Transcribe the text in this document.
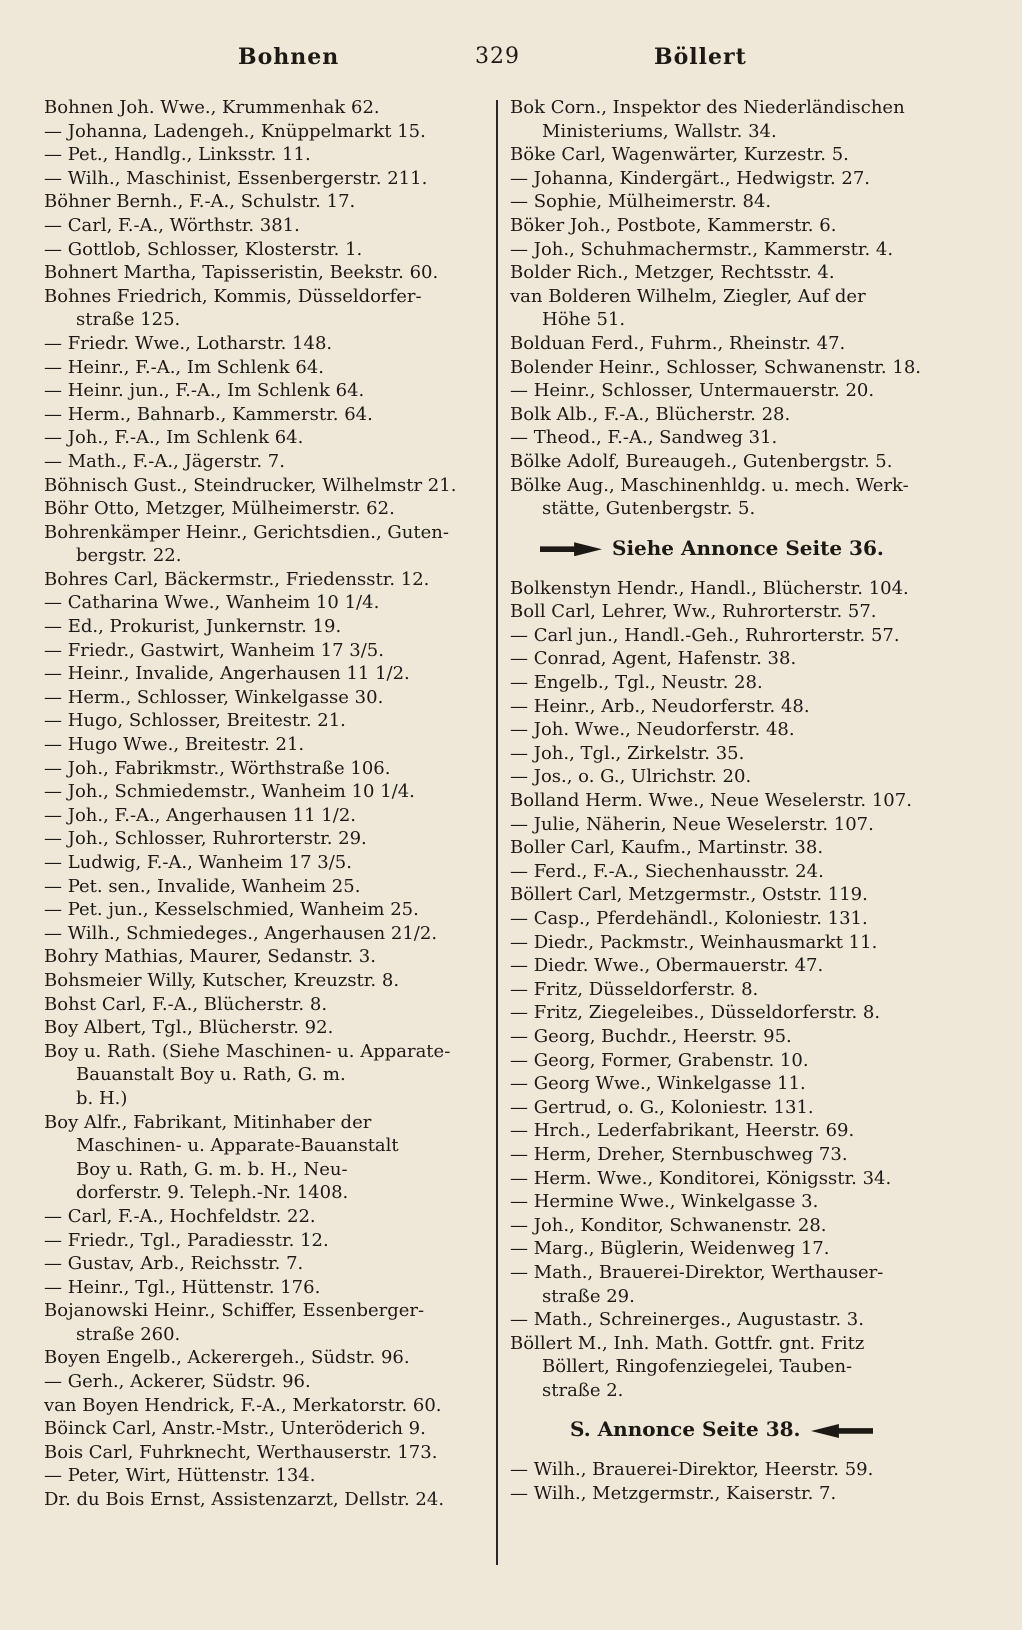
Bohnen	329	Böllert
Bohnen Joh. Wwe., Krummenhak 62.
— Johanna, Ladengeh., Knüppelmarkt 15.
— Pet., Handlg., Linksstr. 11.
— Wilh., Maschinist, Essenbergerstr. 211.
Böhner Bernh., F.-A., Schulstr. 17.
— Carl, F.-A., Wörthstr. 381.
— Gottlob, Schlosser, Klosterstr. 1.
Bohnert Martha, Tapisseristin, Beekstr. 60.
Bohnes Friedrich, Kommis, Düsseldorfer-
straße 125.
— Friedr. Wwe., Lotharstr. 148.
— Heinr., F.-A., Im Schlenk 64.
— Heinr. jun., F.-A., Im Schlenk 64.
— Herm., Bahnarb., Kammerstr. 64.
— Joh., F.-A., Im Schlenk 64.
— Math., F.-A., Jägerstr. 7.
Böhnisch Gust., Steindrucker, Wilhelmstr 21.
Böhr Otto, Metzger, Mülheimerstr. 62.
Bohrenkämper Heinr., Gerichtsdien., Guten-
bergstr. 22.
Bohres Carl, Bäckermstr., Friedensstr. 12.
— Catharina Wwe., Wanheim 10 1/4.
— Ed., Prokurist, Junkernstr. 19.
— Friedr., Gastwirt, Wanheim 17 3/5.
— Heinr., Invalide, Angerhausen 11 1/2.
— Herm., Schlosser, Winkelgasse 30.
— Hugo, Schlosser, Breitestr. 21.
— Hugo Wwe., Breitestr. 21.
— Joh., Fabrikmstr., Wörthstraße 106.
— Joh., Schmiedemstr., Wanheim 10 1/4.
— Joh., F.-A., Angerhausen 11 1/2.
— Joh., Schlosser, Ruhrorterstr. 29.
— Ludwig, F.-A., Wanheim 17 3/5.
— Pet. sen., Invalide, Wanheim 25.
— Pet. jun., Kesselschmied, Wanheim 25.
— Wilh., Schmiedeges., Angerhausen 21/2.
Bohry Mathias, Maurer, Sedanstr. 3.
Bohsmeier Willy, Kutscher, Kreuzstr. 8.
Bohst Carl, F.-A., Blücherstr. 8.
Boy Albert, Tgl., Blücherstr. 92.
Boy u. Rath. (Siehe Maschinen- u. Apparate-
Bauanstalt Boy u. Rath, G. m.
b. H.)
Boy Alfr., Fabrikant, Mitinhaber der
Maschinen- u. Apparate-Bauanstalt
Boy u. Rath, G. m. b. H., Neu-
dorferstr. 9. Teleph.-Nr. 1408.
— Carl, F.-A., Hochfeldstr. 22.
— Friedr., Tgl., Paradiesstr. 12.
— Gustav, Arb., Reichsstr. 7.
— Heinr., Tgl., Hüttenstr. 176.
Bojanowski Heinr., Schiffer, Essenberger-
straße 260.
Boyen Engelb., Ackerergeh., Südstr. 96.
— Gerh., Ackerer, Südstr. 96.
van Boyen Hendrick, F.-A., Merkatorstr. 60.
Böinck Carl, Anstr.-Mstr., Unteröderich 9.
Bois Carl, Fuhrknecht, Werthauserstr. 173.
— Peter, Wirt, Hüttenstr. 134.
Dr. du Bois Ernst, Assistenzarzt, Dellstr. 24.
Bok Corn., Inspektor des Niederländischen
Ministeriums, Wallstr. 34.
Böke Carl, Wagenwärter, Kurzestr. 5.
— Johanna, Kindergärt., Hedwigstr. 27.
— Sophie, Mülheimerstr. 84.
Böker Joh., Postbote, Kammerstr. 6.
— Joh., Schuhmachermstr., Kammerstr. 4.
Bolder Rich., Metzger, Rechtsstr. 4.
van Bolderen Wilhelm, Ziegler, Auf der
Höhe 51.
Bolduan Ferd., Fuhrm., Rheinstr. 47.
Bolender Heinr., Schlosser, Schwanenstr. 18.
— Heinr., Schlosser, Untermauerstr. 20.
Bolk Alb., F.-A., Blücherstr. 28.
— Theod., F.-A., Sandweg 31.
Bölke Adolf, Bureaugeh., Gutenbergstr. 5.
Bölke Aug., Maschinenhldg. u. mech. Werk-
stätte, Gutenbergstr. 5.
Siehe Annonce Seite 36.
Bolkenstyn Hendr., Handl., Blücherstr. 104.
Boll Carl, Lehrer, Ww., Ruhrorterstr. 57.
— Carl jun., Handl.-Geh., Ruhrorterstr. 57.
— Conrad, Agent, Hafenstr. 38.
— Engelb., Tgl., Neustr. 28.
— Heinr., Arb., Neudorferstr. 48.
— Joh. Wwe., Neudorferstr. 48.
— Joh., Tgl., Zirkelstr. 35.
— Jos., o. G., Ulrichstr. 20.
Bolland Herm. Wwe., Neue Weselerstr. 107.
— Julie, Näherin, Neue Weselerstr. 107.
Boller Carl, Kaufm., Martinstr. 38.
— Ferd., F.-A., Siechenhausstr. 24.
Böllert Carl, Metzgermstr., Oststr. 119.
— Casp., Pferdehändl., Koloniestr. 131.
— Diedr., Packmstr., Weinhausmarkt 11.
— Diedr. Wwe., Obermauerstr. 47.
— Fritz, Düsseldorferstr. 8.
— Fritz, Ziegeleibes., Düsseldorferstr. 8.
— Georg, Buchdr., Heerstr. 95.
— Georg, Former, Grabenstr. 10.
— Georg Wwe., Winkelgasse 11.
— Gertrud, o. G., Koloniestr. 131.
— Hrch., Lederfabrikant, Heerstr. 69.
— Herm, Dreher, Sternbuschweg 73.
— Herm. Wwe., Konditorei, Königsstr. 34.
— Hermine Wwe., Winkelgasse 3.
— Joh., Konditor, Schwanenstr. 28.
— Marg., Büglerin, Weidenweg 17.
— Math., Brauerei-Direktor, Werthauser-
straße 29.
— Math., Schreinerges., Augustastr. 3.
Böllert M., Inh. Math. Gottfr. gnt. Fritz
Böllert, Ringofenziegelei, Tauben-
straße 2.
S. Annonce Seite 38.
— Wilh., Brauerei-Direktor, Heerstr. 59.
— Wilh., Metzgermstr., Kaiserstr. 7.
